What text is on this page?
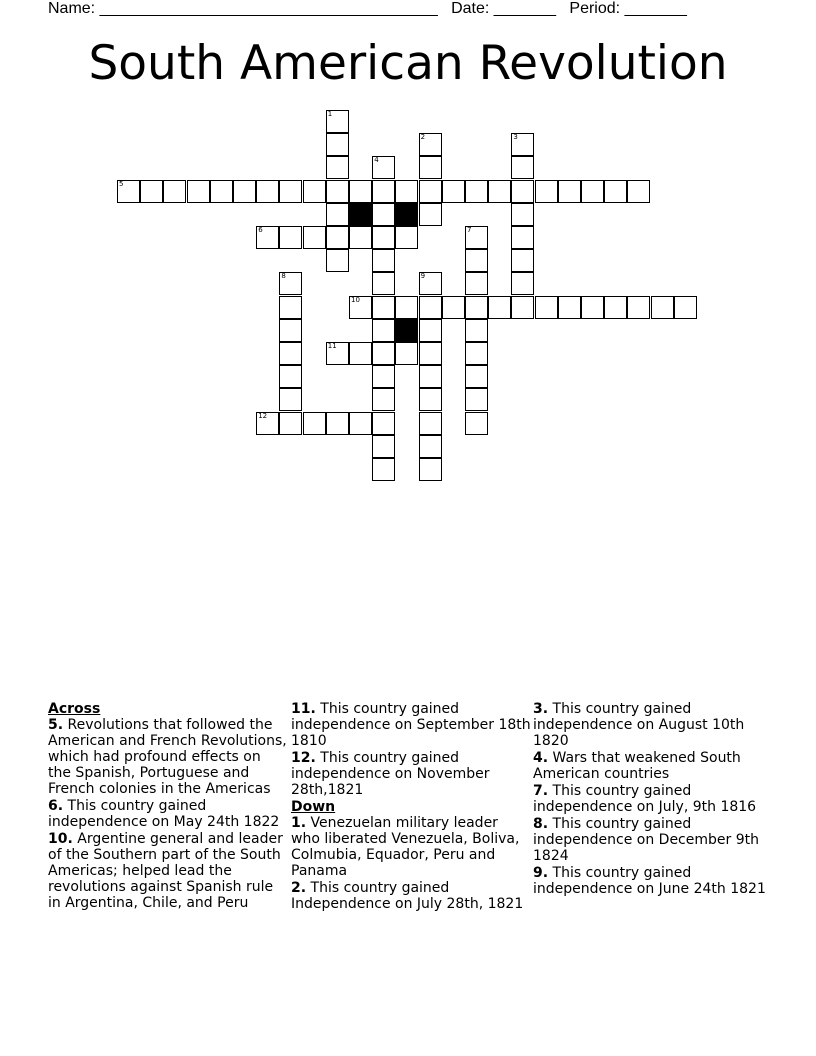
Name: ______________________________________ Date: _______ Period: _______
South American Revolution
1
2	3
4
5
6	7
8	9
10
11
12
Across
5. Revolutions that followed the American and French Revolutions, which had profound effects on the Spanish, Portuguese and French colonies in the Americas
6. This country gained independence on May 24th 1822
10. Argentine general and leader of the Southern part of the South Americas; helped lead the revolutions against Spanish rule in Argentina, Chile, and Peru
11. This country gained independence on September 18th 1810
12. This country gained independence on November 28th,1821
Down
1. Venezuelan military leader who liberated Venezuela, Boliva, Colmubia, Equador, Peru and Panama
2. This country gained Independence on July 28th, 1821
3. This country gained independence on August 10th 1820
4. Wars that weakened South American countries
7. This country gained independence on July, 9th 1816
8. This country gained independence on December 9th 1824
9. This country gained independence on June 24th 1821
